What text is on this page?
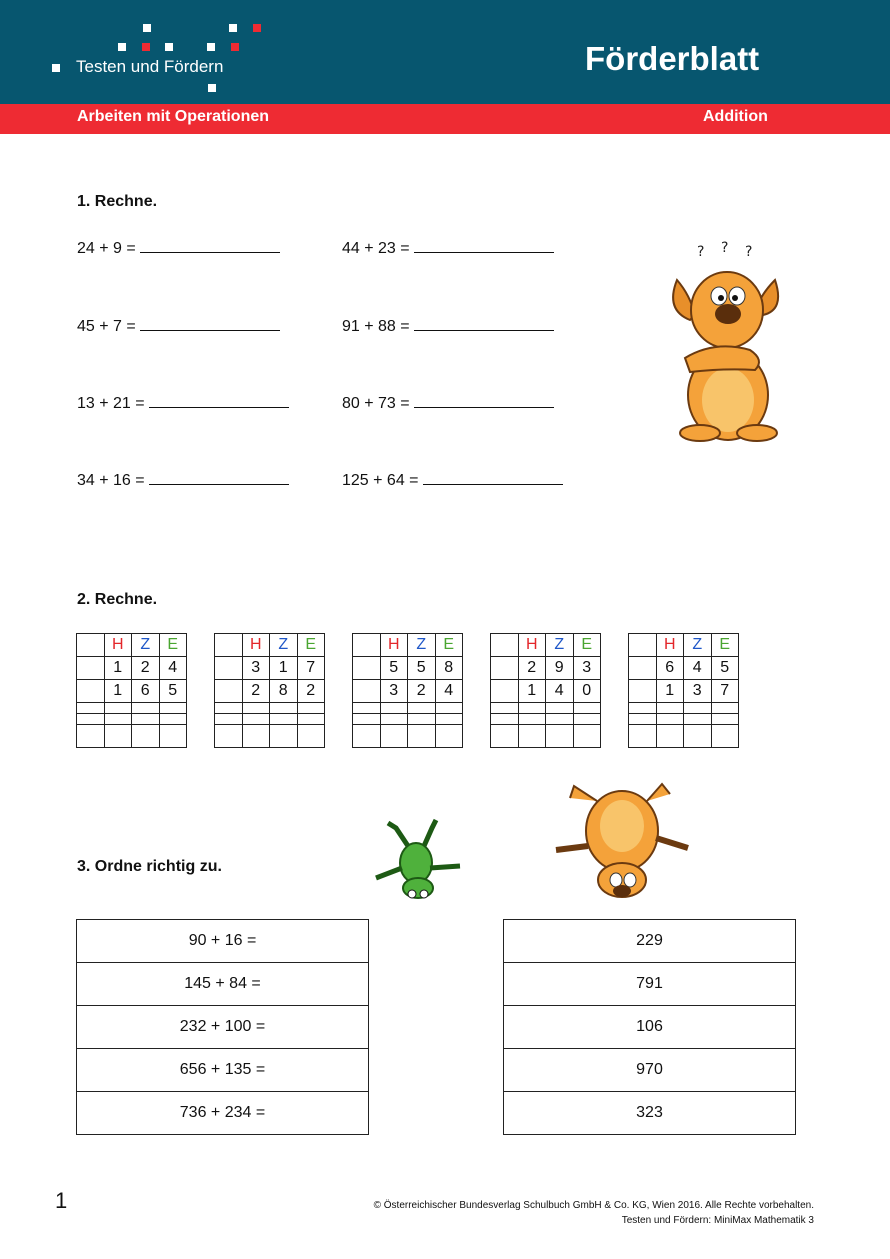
Testen und Fördern	Förderblatt
Arbeiten mit Operationen	Addition
1. Rechne.
24 + 9 =
45 + 7 =
13 + 21 =
34 + 16 =
44 + 23 =
91 + 88 =
80 + 73 =
125 + 64 =
? ? ?
2. Rechne.
	H	Z	E
	1	2	4
	1	6	5

	H	Z	E
	3	1	7
	2	8	2

	H	Z	E
	5	5	8
	3	2	4

	H	Z	E
	2	9	3
	1	4	0

	H	Z	E
	6	4	5
	1	3	7

3. Ordne richtig zu.
90 + 16 =
145 + 84 =
232 + 100 =
656 + 135 =
736 + 234 =
229
791
106
970
323
1	© Österreichischer Bundesverlag Schulbuch GmbH & Co. KG, Wien 2016. Alle Rechte vorbehalten.
Testen und Fördern: MiniMax Mathematik 3
